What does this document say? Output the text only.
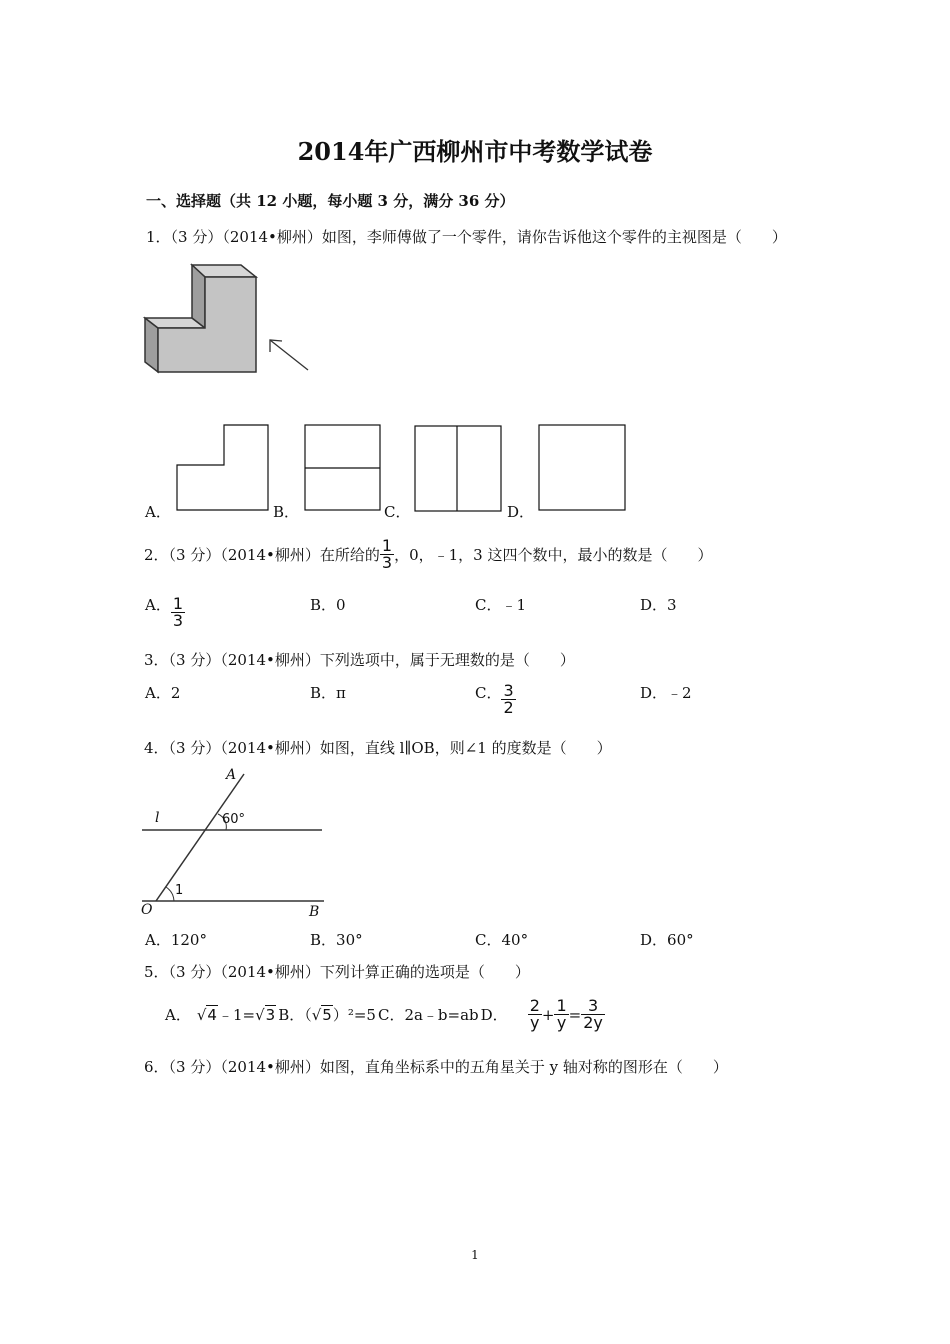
2014年广西柳州市中考数学试卷
一、选择题（共 12 小题，每小题 3 分，满分 36 分）
1．（3 分）（2014•柳州）如图，李师傅做了一个零件，请你告诉他这个零件的主视图是（　　）
A．	B．	C．	D．
2．（3 分）（2014•柳州）在所给的 $\frac{1}{3}$ ，0，﹣1，3 这四个数中，最小的数是（　　）
A． $\frac{1}{3}$	B．0	C．﹣1	D．3
3．（3 分）（2014•柳州）下列选项中，属于无理数的是（　　）
A．2	B．π	C． $\frac{3}{2}$	D．﹣2
4．（3 分）（2014•柳州）如图，直线 l∥OB，则∠1 的度数是（　　）
A
l	60°
1
O	B
A．120°	B．30°	C．40°	D．60°
5．（3 分）（2014•柳州）下列计算正确的选项是（　　）
A． √4 ﹣1= √3 B．（ √5 ）²=5 C．2a﹣b=ab D． $\frac{2}{y} + \frac{1}{y} = \frac{3}{2y}$
6．（3 分）（2014•柳州）如图，直角坐标系中的五角星关于 y 轴对称的图形在（　　）
1
